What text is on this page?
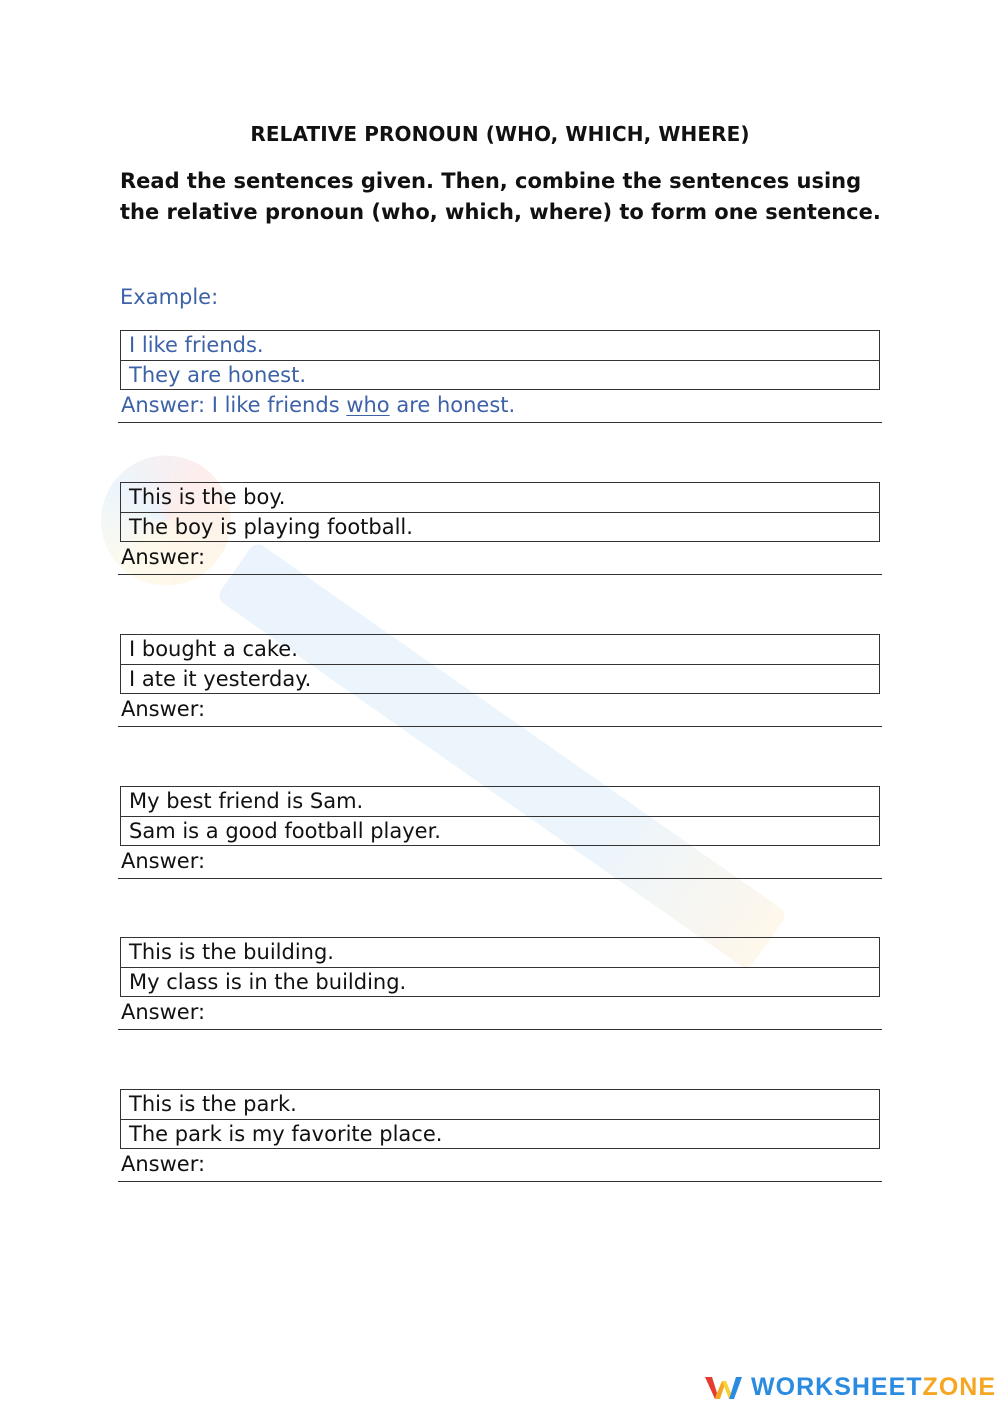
RELATIVE PRONOUN (WHO, WHICH, WHERE)
Read the sentences given. Then, combine the sentences using the relative pronoun (who, which, where) to form one sentence.
Example:
I like friends.
They are honest.
Answer: I like friends who are honest.
This is the boy.
The boy is playing football.
Answer:
I bought a cake.
I ate it yesterday.
Answer:
My best friend is Sam.
Sam is a good football player.
Answer:
This is the building.
My class is in the building.
Answer:
This is the park.
The park is my favorite place.
Answer:
WORKSHEETZONE
